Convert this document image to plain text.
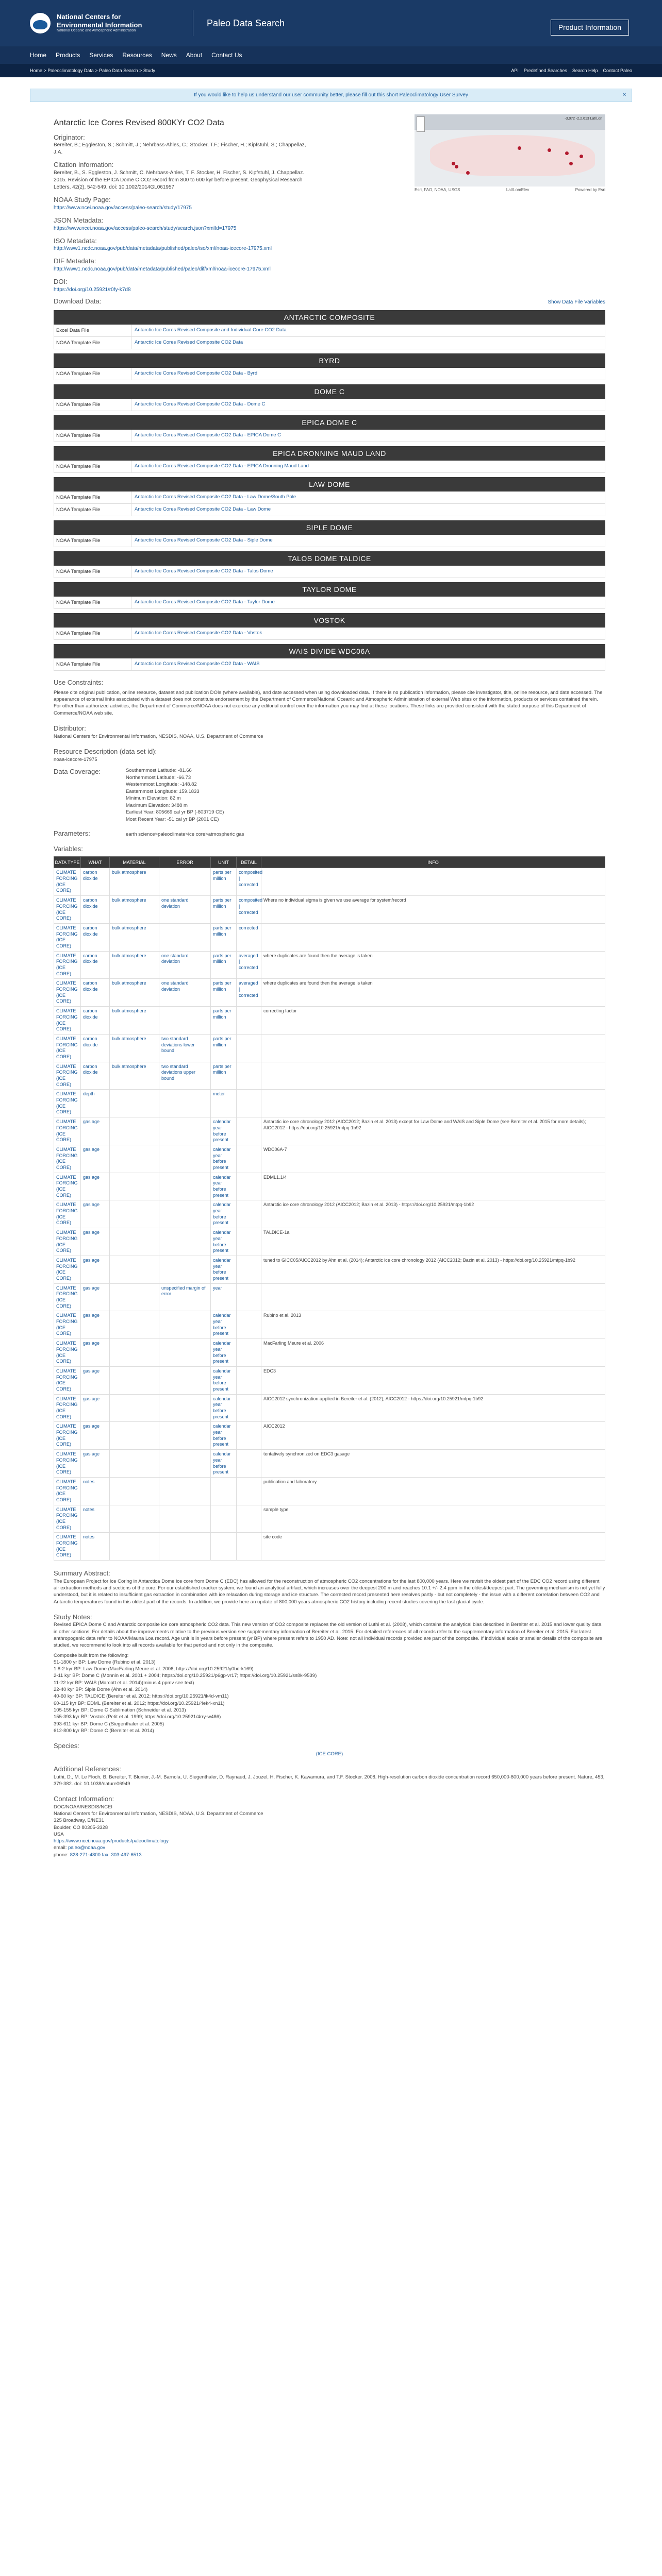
National Centers for
Environmental Information
National Oceanic and Atmospheric Administration
Paleo Data Search	Product Information
Home Products Services Resources News About Contact Us
Home > Paleoclimatology Data > Paleo Data Search > Study	API Predefined Searches Search Help Contact Paleo
If you would like to help us understand our user community better, please fill out this short
Paleoclimatology User Survey	✕
Antarctic Ice Cores Revised 800KYr CO2 Data
Originator:
Bereiter, B.; Eggleston, S.; Schmitt, J.; Nehrbass-Ahles, C.; Stocker, T.F.; Fischer, H.; Kipfstuhl, S.; Chappellaz, J.A.
Citation Information:
Bereiter, B., S. Eggleston, J. Schmitt, C. Nehrbass-Ahles, T. F. Stocker, H. Fischer, S. Kipfstuhl, J. Chappellaz. 2015. Revision of the EPICA Dome C CO2 record from 800 to 600 kyr before present. Geophysical Research Letters, 42(2), 542-549. doi: 10.1002/2014GL061957
NOAA Study Page:
https://www.ncei.noaa.gov/access/paleo-search/study/17975
JSON Metadata:
https://www.ncei.noaa.gov/access/paleo-search/study/search.json?xmlId=17975
ISO Metadata:
http://www1.ncdc.noaa.gov/pub/data/metadata/published/paleo/iso/xml/noaa-icecore-17975.xml
DIF Metadata:
http://www1.ncdc.noaa.gov/pub/data/metadata/published/paleo/dif/xml/noaa-icecore-17975.xml
DOI:
https://doi.org/10.25921/r0fy-k7d8
-3,072 -2,2,613 Lat/Lon
Esri, FAO, NOAA, USGS	Lat/Lon/Elev	Powered by Esri
Download Data:	Show Data File Variables
ANTARCTIC COMPOSITE
Excel Data File	Antarctic Ice Cores Revised Composite and Individual Core CO2 Data
NOAA Template File	Antarctic Ice Cores Revised Composite CO2 Data
BYRD
NOAA Template File	Antarctic Ice Cores Revised Composite CO2 Data - Byrd
DOME C
NOAA Template File	Antarctic Ice Cores Revised Composite CO2 Data - Dome C
EPICA DOME C
NOAA Template File	Antarctic Ice Cores Revised Composite CO2 Data - EPICA Dome C
EPICA DRONNING MAUD LAND
NOAA Template File	Antarctic Ice Cores Revised Composite CO2 Data - EPICA Dronning Maud Land
LAW DOME
NOAA Template File	Antarctic Ice Cores Revised Composite CO2 Data - Law Dome/South Pole
NOAA Template File	Antarctic Ice Cores Revised Composite CO2 Data - Law Dome
SIPLE DOME
NOAA Template File	Antarctic Ice Cores Revised Composite CO2 Data - Siple Dome
TALOS DOME TALDICE
NOAA Template File	Antarctic Ice Cores Revised Composite CO2 Data - Talos Dome
TAYLOR DOME
NOAA Template File	Antarctic Ice Cores Revised Composite CO2 Data - Taylor Dome
VOSTOK
NOAA Template File	Antarctic Ice Cores Revised Composite CO2 Data - Vostok
WAIS DIVIDE WDC06A
NOAA Template File	Antarctic Ice Cores Revised Composite CO2 Data - WAIS
Use Constraints:
Please cite original publication, online resource, dataset and publication DOIs (where available), and date accessed when using downloaded data. If there is no publication information, please cite investigator, title, online resource, and date accessed. The appearance of external links associated with a dataset does not constitute endorsement by the Department of Commerce/National Oceanic and Atmospheric Administration of external Web sites or the information, products or services contained therein. For other than authorized activities, the Department of Commerce/NOAA does not exercise any editorial control over the information you may find at these locations. These links are provided consistent with the stated purpose of this Department of Commerce/NOAA web site.
Distributor:
National Centers for Environmental Information, NESDIS, NOAA, U.S. Department of Commerce
Resource Description (data set id):
noaa-icecore-17975
Data Coverage:	Southernmost Latitude: -81.66
Northernmost Latitude: -66.73
Westernmost Longitude: -148.82
Easternmost Longitude: 159.1833
Minimum Elevation: 82 m
Maximum Elevation: 3488 m
Earliest Year: 805669 cal yr BP (-803719 CE)
Most Recent Year: -51 cal yr BP (2001 CE)
Parameters:	earth science>paleoclimate>ice core>atmospheric gas
Variables:
DATA TYPE	WHAT	MATERIAL	ERROR	UNIT	DETAIL	INFO
CLIMATE FORCING (ICE CORE)	carbon dioxide	bulk atmosphere		parts per million	composited | corrected	
CLIMATE FORCING (ICE CORE)	carbon dioxide	bulk atmosphere	one standard deviation	parts per million	composited | corrected	Where no individual sigma is given we use average for system/record
CLIMATE FORCING (ICE CORE)	carbon dioxide	bulk atmosphere		parts per million	corrected	
CLIMATE FORCING (ICE CORE)	carbon dioxide	bulk atmosphere	one standard deviation	parts per million	averaged | corrected	where duplicates are found then the average is taken
CLIMATE FORCING (ICE CORE)	carbon dioxide	bulk atmosphere	one standard deviation	parts per million	averaged | corrected	where duplicates are found then the average is taken
CLIMATE FORCING (ICE CORE)	carbon dioxide	bulk atmosphere		parts per million		correcting factor
CLIMATE FORCING (ICE CORE)	carbon dioxide	bulk atmosphere	two standard deviations lower bound	parts per million		
CLIMATE FORCING (ICE CORE)	carbon dioxide	bulk atmosphere	two standard deviations upper bound	parts per million		
CLIMATE FORCING (ICE CORE)	depth			meter		
CLIMATE FORCING (ICE CORE)	gas age			calendar year before present		Antarctic ice core chronology 2012 (AICC2012; Bazin et al. 2013) except for Law Dome and WAIS and Siple Dome (see Bereiter et al. 2015 for more details); AICC2012 - https://doi.org/10.25921/mtpq-1b92
CLIMATE FORCING (ICE CORE)	gas age			calendar year before present		WDC06A-7
CLIMATE FORCING (ICE CORE)	gas age			calendar year before present		EDML1.1/4
CLIMATE FORCING (ICE CORE)	gas age			calendar year before present		Antarctic ice core chronology 2012 (AICC2012; Bazin et al. 2013) - https://doi.org/10.25921/mtpq-1b92
CLIMATE FORCING (ICE CORE)	gas age			calendar year before present		TALDICE-1a
CLIMATE FORCING (ICE CORE)	gas age			calendar year before present		tuned to GICC05/AICC2012 by Ahn et al. (2014); Antarctic ice core chronology 2012 (AICC2012; Bazin et al. 2013) - https://doi.org/10.25921/mtpq-1b92
CLIMATE FORCING (ICE CORE)	gas age		unspecified margin of error	year		
CLIMATE FORCING (ICE CORE)	gas age			calendar year before present		Rubino et al. 2013
CLIMATE FORCING (ICE CORE)	gas age			calendar year before present		MacFarling Meure et al. 2006
CLIMATE FORCING (ICE CORE)	gas age			calendar year before present		EDC3
CLIMATE FORCING (ICE CORE)	gas age			calendar year before present		AICC2012 synchronization applied in Bereiter et al. (2012); AICC2012 - https://doi.org/10.25921/mtpq-1b92
CLIMATE FORCING (ICE CORE)	gas age			calendar year before present		AICC2012
CLIMATE FORCING (ICE CORE)	gas age			calendar year before present		tentatively synchronized on EDC3 gasage
CLIMATE FORCING (ICE CORE)	notes					publication and laboratory
CLIMATE FORCING (ICE CORE)	notes					sample type
CLIMATE FORCING (ICE CORE)	notes					site code
Summary Abstract:
The European Project for Ice Coring in Antarctica Dome ice core from Dome C (EDC) has allowed for the reconstruction of atmospheric CO2 concentrations for the last 800,000 years. Here we revisit the oldest part of the EDC CO2 record using different air extraction methods and sections of the core. For our established cracker system, we found an analytical artifact, which increases over the deepest 200 m and reaches 10.1 +/- 2.4 ppm in the oldest/deepest part. The governing mechanism is not yet fully understood, but it is related to insufficient gas extraction in combination with ice relaxation during storage and ice structure. The corrected record presented here resolves partly - but not completely - the issue with a different correlation between CO2 and Antarctic temperatures found in this oldest part of the records. In addition, we provide here an update of 800,000 years atmospheric CO2 history including recent studies covering the last glacial cycle.
Study Notes:
Revised EPICA Dome C and Antarctic composite ice core atmospheric CO2 data. This new version of CO2 composite replaces the old version of Luthi et al. (2008), which contains the analytical bias described in Bereiter et al. 2015 and lower quality data in other sections. For details about the improvements relative to the previous version see supplementary information of Bereiter et al. 2015. For detailed references of all records refer to the supplementary information of Bereiter et al. 2015. For latest anthropogenic data refer to NOAA/Mauna Loa record. Age unit is in years before present (yr BP) where present refers to 1950 AD. Note: not all individual records provided are part of the composite. If individual scale or smaller details of the composite are studied, we recommend to look into all records available for that period and not only in the composite.
Composite built from the following:
51-1800 yr BP: Law Dome (Rubino et al. 2013)
1.8-2 kyr BP: Law Dome (MacFarling Meure et al. 2006; https://doi.org/10.25921/y0bd-k169)
2-11 kyr BP: Dome C (Monnin et al. 2001 + 2004; https://doi.org/10.25921/p6gp-vr17; https://doi.org/10.25921/ss8k-9539)
11-22 kyr BP: WAIS (Marcott et al. 2014)(minus 4 ppmv see text)
22-40 kyr BP: Siple Dome (Ahn et al. 2014)
40-60 kyr BP: TALDICE (Bereiter et al. 2012; https://doi.org/10.25921/ik4d-vm11)
60-115 kyr BP: EDML (Bereiter et al. 2012; https://doi.org/10.25921/4ek4-xn11)
105-155 kyr BP: Dome C Sublimation (Schneider et al. 2013)
155-393 kyr BP: Vostok (Petit et al. 1999; https://doi.org/10.25921/4rry-w486)
393-611 kyr BP: Dome C (Siegenthaler et al. 2005)
612-800 kyr BP: Dome C (Bereiter et al. 2014)
Species:
(ICE CORE)
Additional References:
Luthi, D., M. Le Floch, B. Bereiter, T. Blunier, J.-M. Barnola, U. Siegenthaler, D. Raynaud, J. Jouzel, H. Fischer, K. Kawamura, and T.F. Stocker. 2008. High-resolution carbon dioxide concentration record 650,000-800,000 years before present. Nature, 453, 379-382. doi: 10.1038/nature06949
Contact Information:
DOC/NOAA/NESDIS/NCEI
National Centers for Environmental Information, NESDIS, NOAA, U.S. Department of Commerce
325 Broadway, E/NE31
Boulder, CO 80305-3328
USA
https://www.ncei.noaa.gov/products/paleoclimatology
email: paleo@noaa.gov
phone: 828-271-4800 fax: 303-497-6513
